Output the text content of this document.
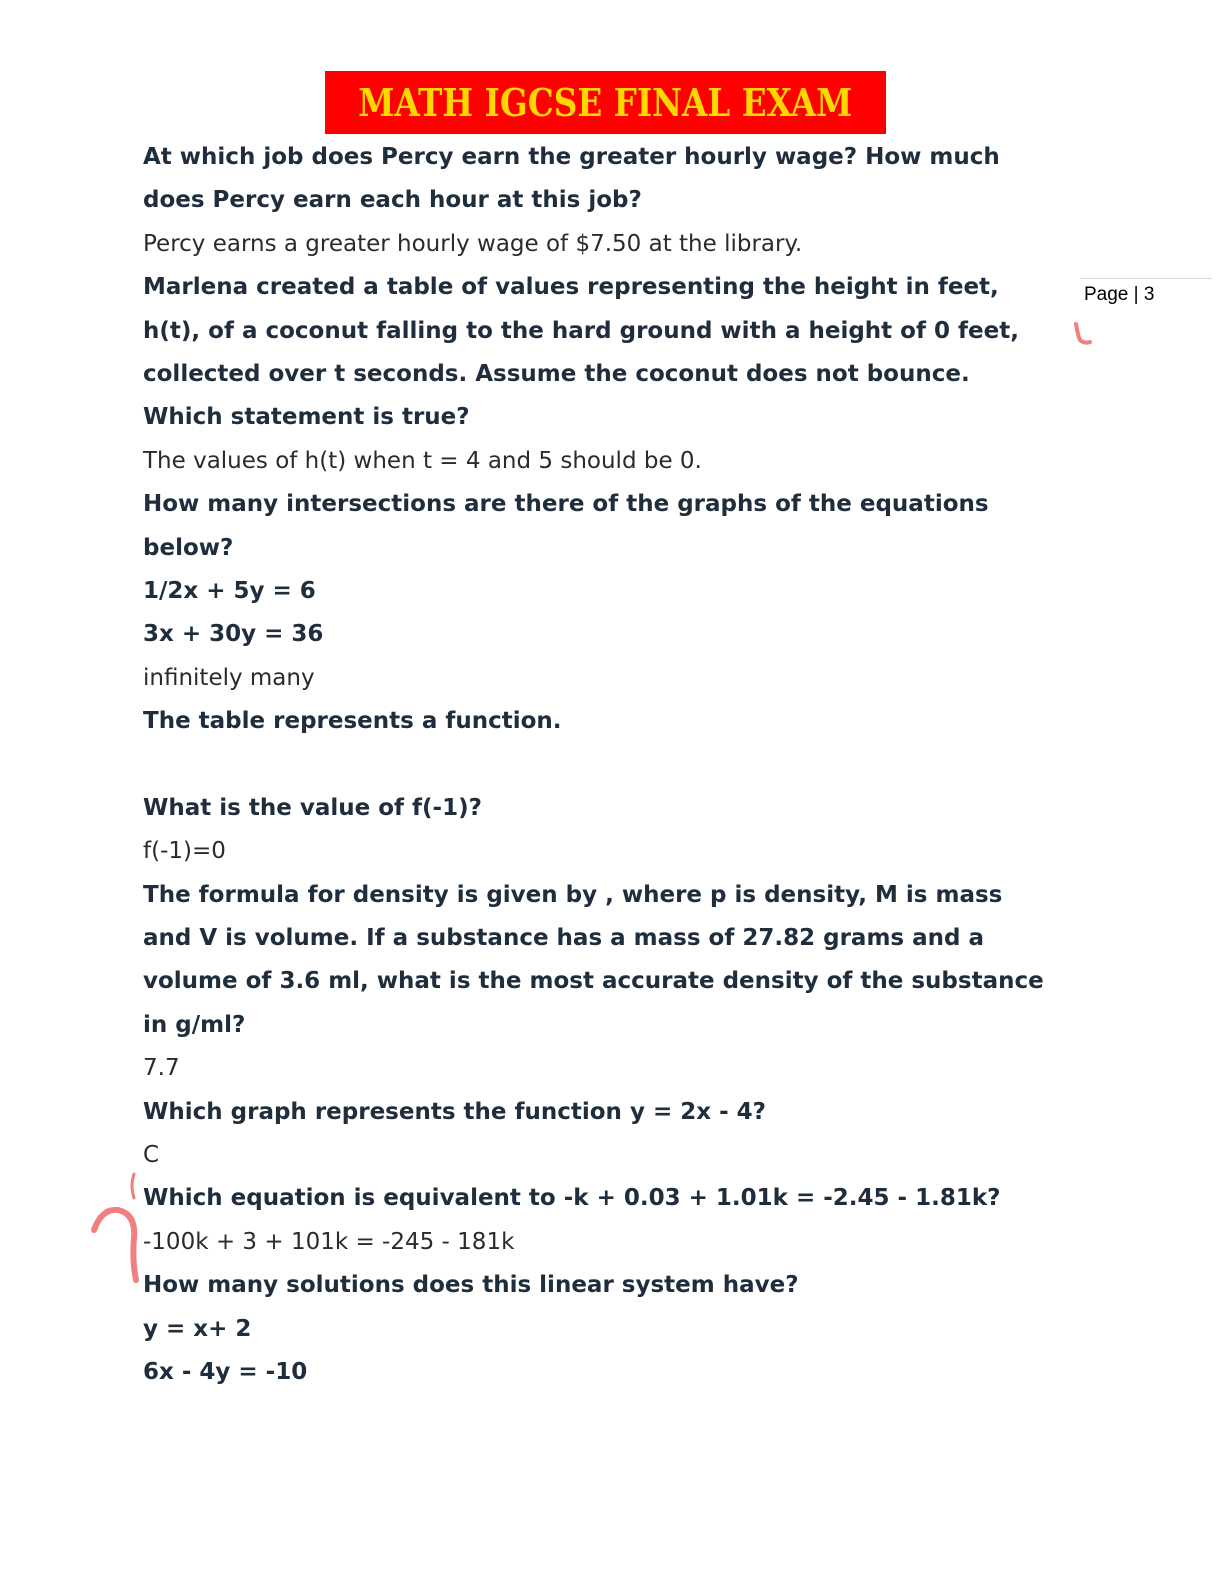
MATH IGCSE FINAL EXAM
Page | 3
At which job does Percy earn the greater hourly wage? How much
does Percy earn each hour at this job?
Percy earns a greater hourly wage of $7.50 at the library.
Marlena created a table of values representing the height in feet,
h(t), of a coconut falling to the hard ground with a height of 0 feet,
collected over t seconds. Assume the coconut does not bounce.
Which statement is true?
The values of h(t) when t = 4 and 5 should be 0.
How many intersections are there of the graphs of the equations
below?
1/2x + 5y = 6
3x + 30y = 36
infinitely many
The table represents a function.
What is the value of f(-1)?
f(-1)=0
The formula for density is given by , where p is density, M is mass
and V is volume. If a substance has a mass of 27.82 grams and a
volume of 3.6 ml, what is the most accurate density of the substance
in g/ml?
7.7
Which graph represents the function y = 2x - 4?
C
Which equation is equivalent to -k + 0.03 + 1.01k = -2.45 - 1.81k?
-100k + 3 + 101k = -245 - 181k
How many solutions does this linear system have?
y = x+ 2
6x - 4y = -10
